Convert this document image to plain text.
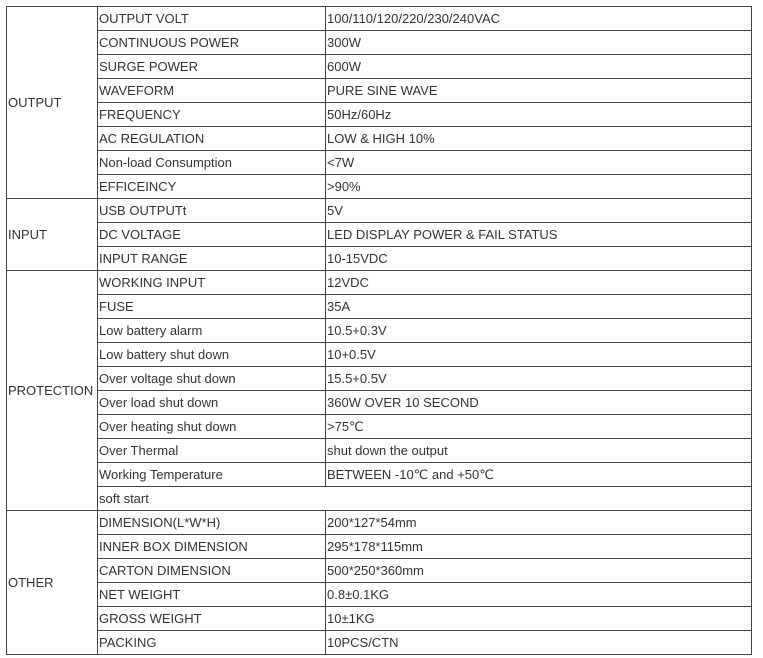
OUTPUT	OUTPUT VOLT	100/110/120/220/230/240VAC
	CONTINUOUS POWER	300W
	SURGE POWER	600W
	WAVEFORM	PURE SINE WAVE
	FREQUENCY	50Hz/60Hz
	AC REGULATION	LOW & HIGH 10%
	Non-load Consumption	<7W
	EFFICEINCY	>90%
INPUT	USB OUTPUTt	5V
	DC VOLTAGE	LED DISPLAY POWER & FAIL STATUS
	INPUT RANGE	10-15VDC
PROTECTION	WORKING INPUT	12VDC
	FUSE	35A
	Low battery alarm	10.5+0.3V
	Low battery shut down	10+0.5V
	Over voltage shut down	15.5+0.5V
	Over load shut down	360W OVER 10 SECOND
	Over heating shut down	>75℃
	Over Thermal	shut down the output
	Working Temperature	BETWEEN -10℃ and +50℃
	soft start	
OTHER	DIMENSION(L*W*H)	200*127*54mm
	INNER BOX DIMENSION	295*178*115mm
	CARTON DIMENSION	500*250*360mm
	NET WEIGHT	0.8±0.1KG
	GROSS WEIGHT	10±1KG
	PACKING	10PCS/CTN
